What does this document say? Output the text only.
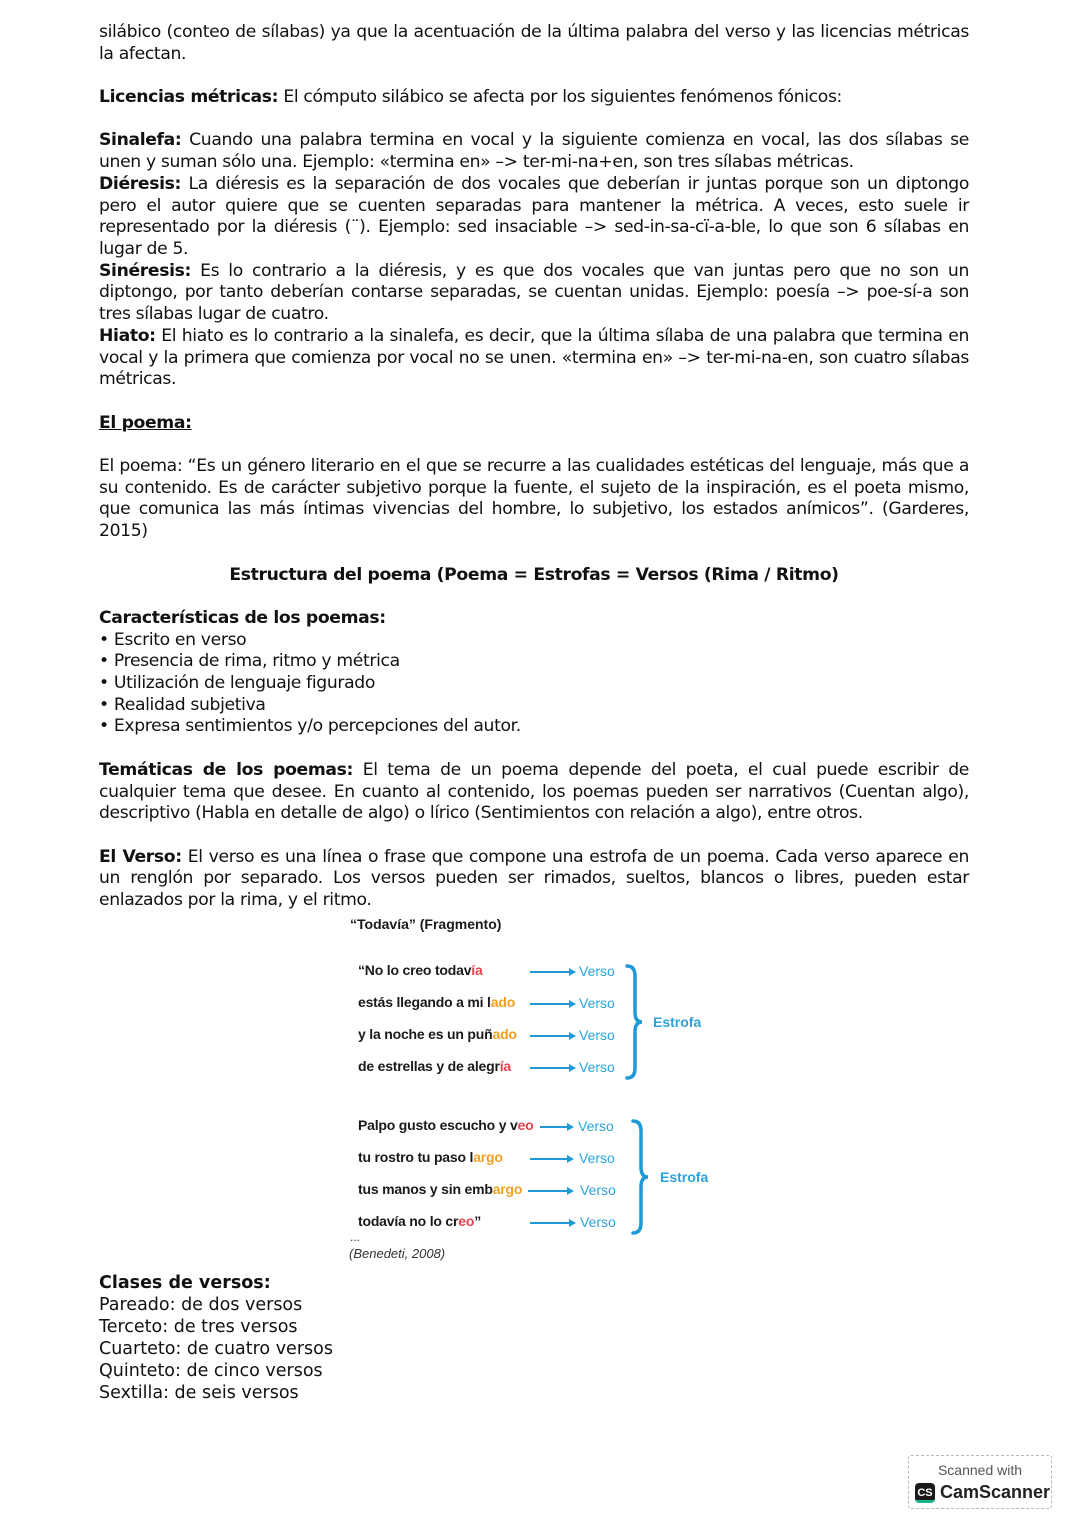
silábico (conteo de sílabas) ya que la acentuación de la última palabra del verso y las licencias métricas la afectan.

Licencias métricas: El cómputo silábico se afecta por los siguientes fenómenos fónicos:

Sinalefa: Cuando una palabra termina en vocal y la siguiente comienza en vocal, las dos sílabas se unen y suman sólo una. Ejemplo: «termina en» –> ter-mi-na+en, son tres sílabas métricas.

Diéresis: La diéresis es la separación de dos vocales que deberían ir juntas porque son un diptongo pero el autor quiere que se cuenten separadas para mantener la métrica. A veces, esto suele ir representado por la diéresis (¨). Ejemplo: sed insaciable –> sed-in-sa-cï-a-ble, lo que son 6 sílabas en lugar de 5.

Sinéresis: Es lo contrario a la diéresis, y es que dos vocales que van juntas pero que no son un diptongo, por tanto deberían contarse separadas, se cuentan unidas. Ejemplo: poesía –> poe-sí-a son tres sílabas lugar de cuatro.

Hiato: El hiato es lo contrario a la sinalefa, es decir, que la última sílaba de una palabra que termina en vocal y la primera que comienza por vocal no se unen. «termina en» –> ter-mi-na-en, son cuatro sílabas métricas.

El poema:

El poema: “Es un género literario en el que se recurre a las cualidades estéticas del lenguaje, más que a su contenido. Es de carácter subjetivo porque la fuente, el sujeto de la inspiración, es el poeta mismo, que comunica las más íntimas vivencias del hombre, lo subjetivo, los estados anímicos”. (Garderes, 2015)

Estructura del poema (Poema = Estrofas = Versos (Rima / Ritmo)
Características de los poemas:
• Escrito en verso
• Presencia de rima, ritmo y métrica
• Utilización de lenguaje figurado
• Realidad subjetiva
• Expresa sentimientos y/o percepciones del autor.

Temáticas de los poemas: El tema de un poema depende del poeta, el cual puede escribir de cualquier tema que desee. En cuanto al contenido, los poemas pueden ser narrativos (Cuentan algo), descriptivo (Habla en detalle de algo) o lírico (Sentimientos con relación a algo), entre otros.

El Verso: El verso es una línea o frase que compone una estrofa de un poema. Cada verso aparece en un renglón por separado. Los versos pueden ser rimados, sueltos, blancos o libres, pueden estar enlazados por la rima, y el ritmo.

“Todavía” (Fragmento)
“No lo creo todavía
estás llegando a mi lado
y la noche es un puñado
de estrellas y de alegría
Verso
Verso
Verso
Verso
Estrofa
Palpo gusto escucho y veo
tu rostro tu paso largo
tus manos y sin embargo
todavía no lo creo”
Verso
Verso
Verso
Verso
Estrofa
...
(Benedeti, 2008)
Clases de versos:
Pareado: de dos versos
Terceto: de tres versos
Cuarteto: de cuatro versos
Quinteto: de cinco versos
Sextilla: de seis versos
Scanned with
CS CamScanner
